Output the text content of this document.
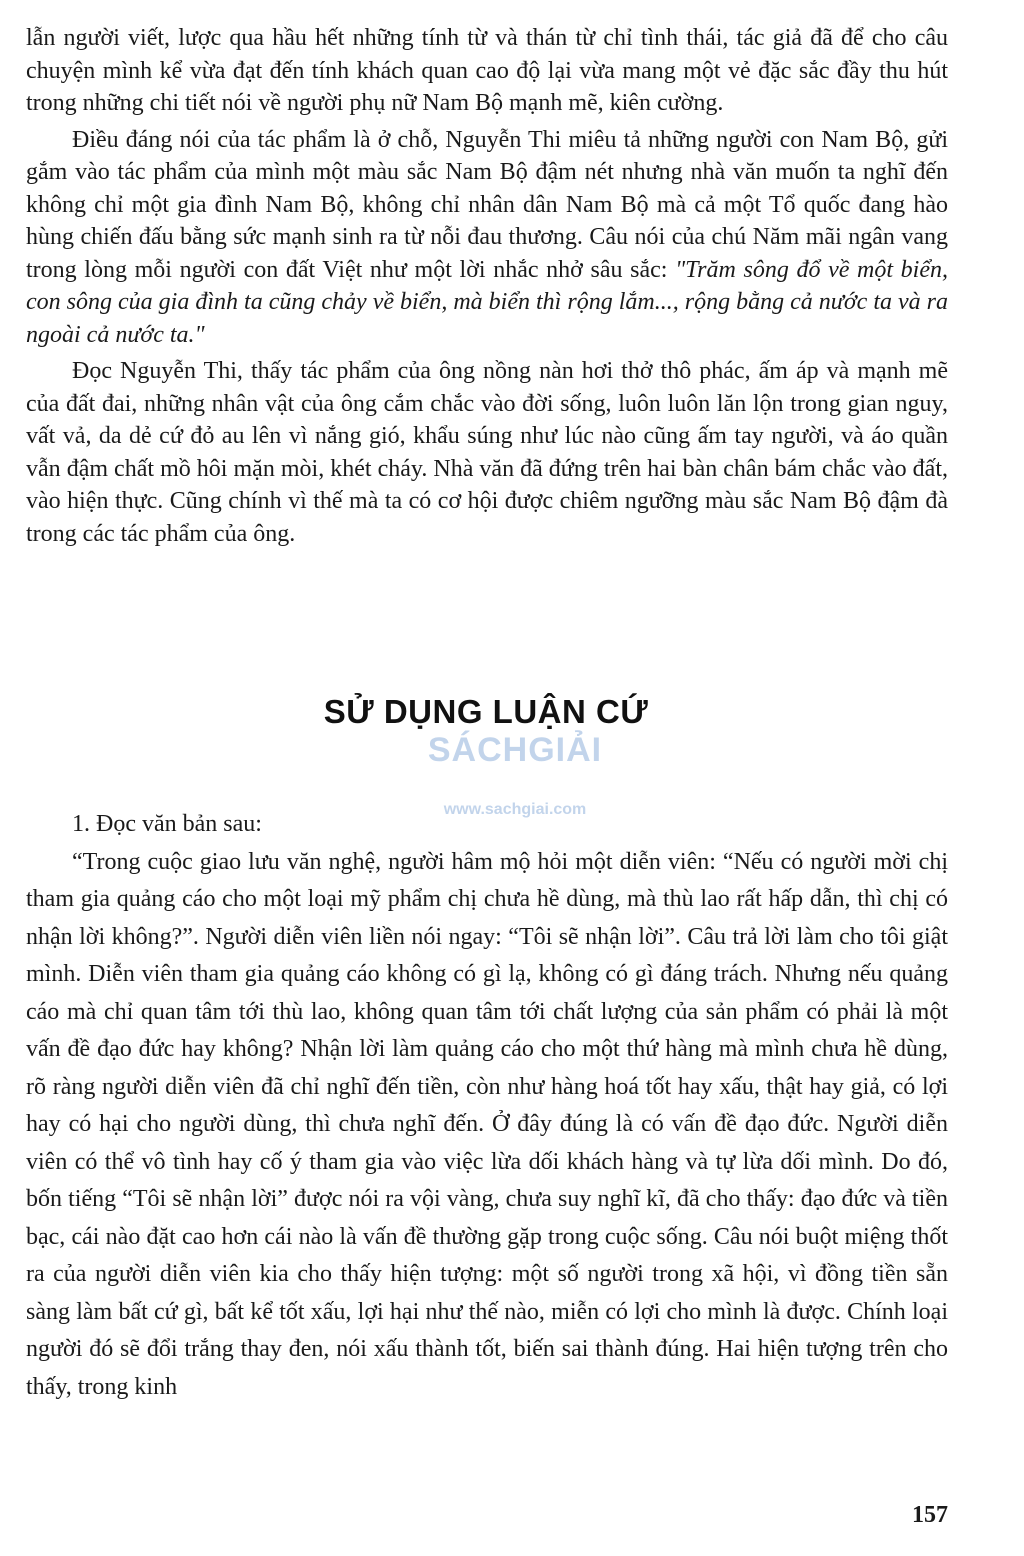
lẫn người viết, lược qua hầu hết những tính từ và thán từ chỉ tình thái, tác giả đã để cho câu chuyện mình kể vừa đạt đến tính khách quan cao độ lại vừa mang một vẻ đặc sắc đầy thu hút trong những chi tiết nói về người phụ nữ Nam Bộ mạnh mẽ, kiên cường.

Điều đáng nói của tác phẩm là ở chỗ, Nguyễn Thi miêu tả những người con Nam Bộ, gửi gắm vào tác phẩm của mình một màu sắc Nam Bộ đậm nét nhưng nhà văn muốn ta nghĩ đến không chỉ một gia đình Nam Bộ, không chỉ nhân dân Nam Bộ mà cả một Tổ quốc đang hào hùng chiến đấu bằng sức mạnh sinh ra từ nỗi đau thương. Câu nói của chú Năm mãi ngân vang trong lòng mỗi người con đất Việt như một lời nhắc nhở sâu sắc: "Trăm sông đổ về một biển, con sông của gia đình ta cũng chảy về biển, mà biển thì rộng lắm..., rộng bằng cả nước ta và ra ngoài cả nước ta."

Đọc Nguyễn Thi, thấy tác phẩm của ông nồng nàn hơi thở thô phác, ấm áp và mạnh mẽ của đất đai, những nhân vật của ông cắm chắc vào đời sống, luôn luôn lăn lộn trong gian nguy, vất vả, da dẻ cứ đỏ au lên vì nắng gió, khẩu súng như lúc nào cũng ấm tay người, và áo quần vẫn đậm chất mồ hôi mặn mòi, khét cháy. Nhà văn đã đứng trên hai bàn chân bám chắc vào đất, vào hiện thực. Cũng chính vì thế mà ta có cơ hội được chiêm ngưỡng màu sắc Nam Bộ đậm đà trong các tác phẩm của ông.

SỬ DỤNG LUẬN CỨ
SÁCHGIẢI
www.sachgiai.com
1. Đọc văn bản sau:

“Trong cuộc giao lưu văn nghệ, người hâm mộ hỏi một diễn viên: “Nếu có người mời chị tham gia quảng cáo cho một loại mỹ phẩm chị chưa hề dùng, mà thù lao rất hấp dẫn, thì chị có nhận lời không?”. Người diễn viên liền nói ngay: “Tôi sẽ nhận lời”. Câu trả lời làm cho tôi giật mình. Diễn viên tham gia quảng cáo không có gì lạ, không có gì đáng trách. Nhưng nếu quảng cáo mà chỉ quan tâm tới thù lao, không quan tâm tới chất lượng của sản phẩm có phải là một vấn đề đạo đức hay không? Nhận lời làm quảng cáo cho một thứ hàng mà mình chưa hề dùng, rõ ràng người diễn viên đã chỉ nghĩ đến tiền, còn như hàng hoá tốt hay xấu, thật hay giả, có lợi hay có hại cho người dùng, thì chưa nghĩ đến. Ở đây đúng là có vấn đề đạo đức. Người diễn viên có thể vô tình hay cố ý tham gia vào việc lừa dối khách hàng và tự lừa dối mình. Do đó, bốn tiếng “Tôi sẽ nhận lời” được nói ra vội vàng, chưa suy nghĩ kĩ, đã cho thấy: đạo đức và tiền bạc, cái nào đặt cao hơn cái nào là vấn đề thường gặp trong cuộc sống. Câu nói buột miệng thốt ra của người diễn viên kia cho thấy hiện tượng: một số người trong xã hội, vì đồng tiền sẵn sàng làm bất cứ gì, bất kể tốt xấu, lợi hại như thế nào, miễn có lợi cho mình là được. Chính loại người đó sẽ đổi trắng thay đen, nói xấu thành tốt, biến sai thành đúng. Hai hiện tượng trên cho thấy, trong kinh

157
